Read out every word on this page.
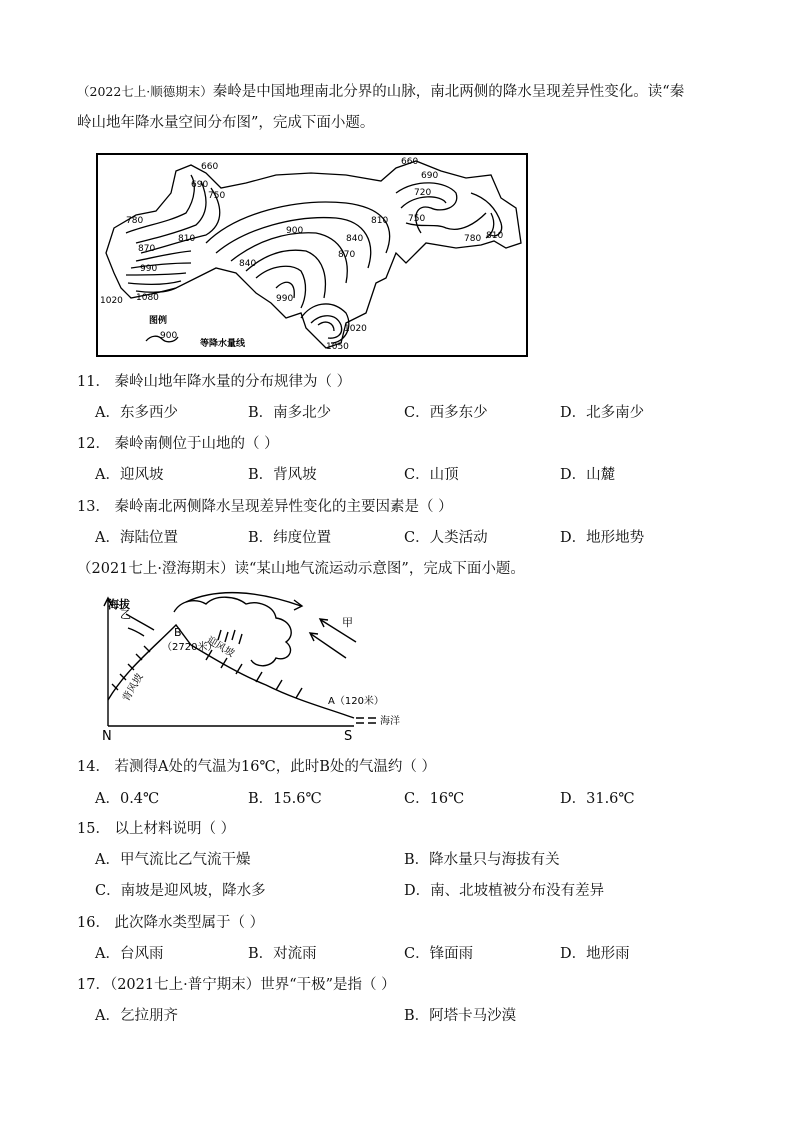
（2022七上·顺德期末）秦岭是中国地理南北分界的山脉，南北两侧的降水呈现差异性变化。读“秦
岭山地年降水量空间分布图”，完成下面小题。
660
690
750
780
870
810
990
1020 1080
840
900
840
870
810
660
690
720
750
780 810
990
1020
1050
图例
900
等降水量线
11． 秦岭山地年降水量的分布规律为（ ）
A．东多西少	B．南多北少	C．西多东少	D．北多南少
12． 秦岭南侧位于山地的（ ）
A．迎风坡	B．背风坡	C．山顶	D．山麓
13． 秦岭南北两侧降水呈现差异性变化的主要因素是（ ）
A．海陆位置	B．纬度位置	C．人类活动	D．地形地势
（2021七上·澄海期末）读“某山地气流运动示意图”，完成下面小题。
海拔
乙
甲
B
（2720米）
A（120米）
海洋
背风坡
迎风坡
N	S
14． 若测得A处的气温为16℃，此时B处的气温约（ ）
A．0.4℃	B．15.6℃	C．16℃	D．31.6℃
15． 以上材料说明（ ）
A．甲气流比乙气流干燥	B．降水量只与海拔有关
C．南坡是迎风坡，降水多	D．南、北坡植被分布没有差异
16． 此次降水类型属于（ ）
A．台风雨	B．对流雨	C．锋面雨	D．地形雨
17．（2021七上·普宁期末）世界“干极”是指（ ）
A．乞拉朋齐	B．阿塔卡马沙漠
